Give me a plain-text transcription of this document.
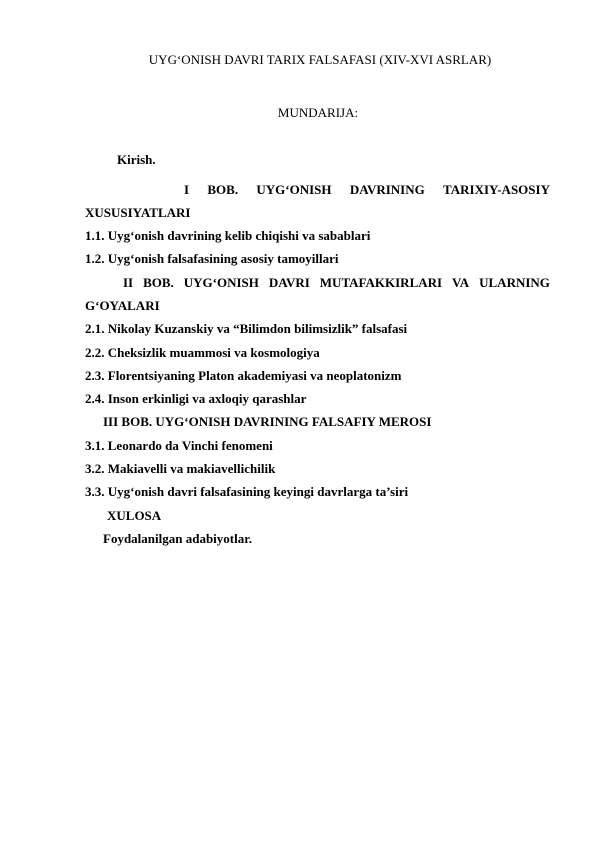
UYG‘ONISH DAVRI TARIX FALSAFASI (XIV-XVI ASRLAR)
MUNDARIJA:
Kirish.
I BOB. UYG‘ONISH DAVRINING TARIXIY-ASOSIY
XUSUSIYATLARI
1.1. Uyg‘onish davrining kelib chiqishi va sabablari
1.2. Uyg‘onish falsafasining asosiy tamoyillari
II BOB. UYG‘ONISH DAVRI MUTAFAKKIRLARI VA ULARNING
G‘OYALARI
2.1. Nikolay Kuzanskiy va “Bilimdon bilimsizlik” falsafasi
2.2. Cheksizlik muammosi va kosmologiya
2.3. Florentsiyaning Platon akademiyasi va neoplatonizm
2.4. Inson erkinligi va axloqiy qarashlar
III BOB. UYG‘ONISH DAVRINING FALSAFIY MEROSI
3.1. Leonardo da Vinchi fenomeni
3.2. Makiavelli va makiavellichilik
3.3. Uyg‘onish davri falsafasining keyingi davrlarga ta’siri
XULOSA
Foydalanilgan adabiyotlar.
